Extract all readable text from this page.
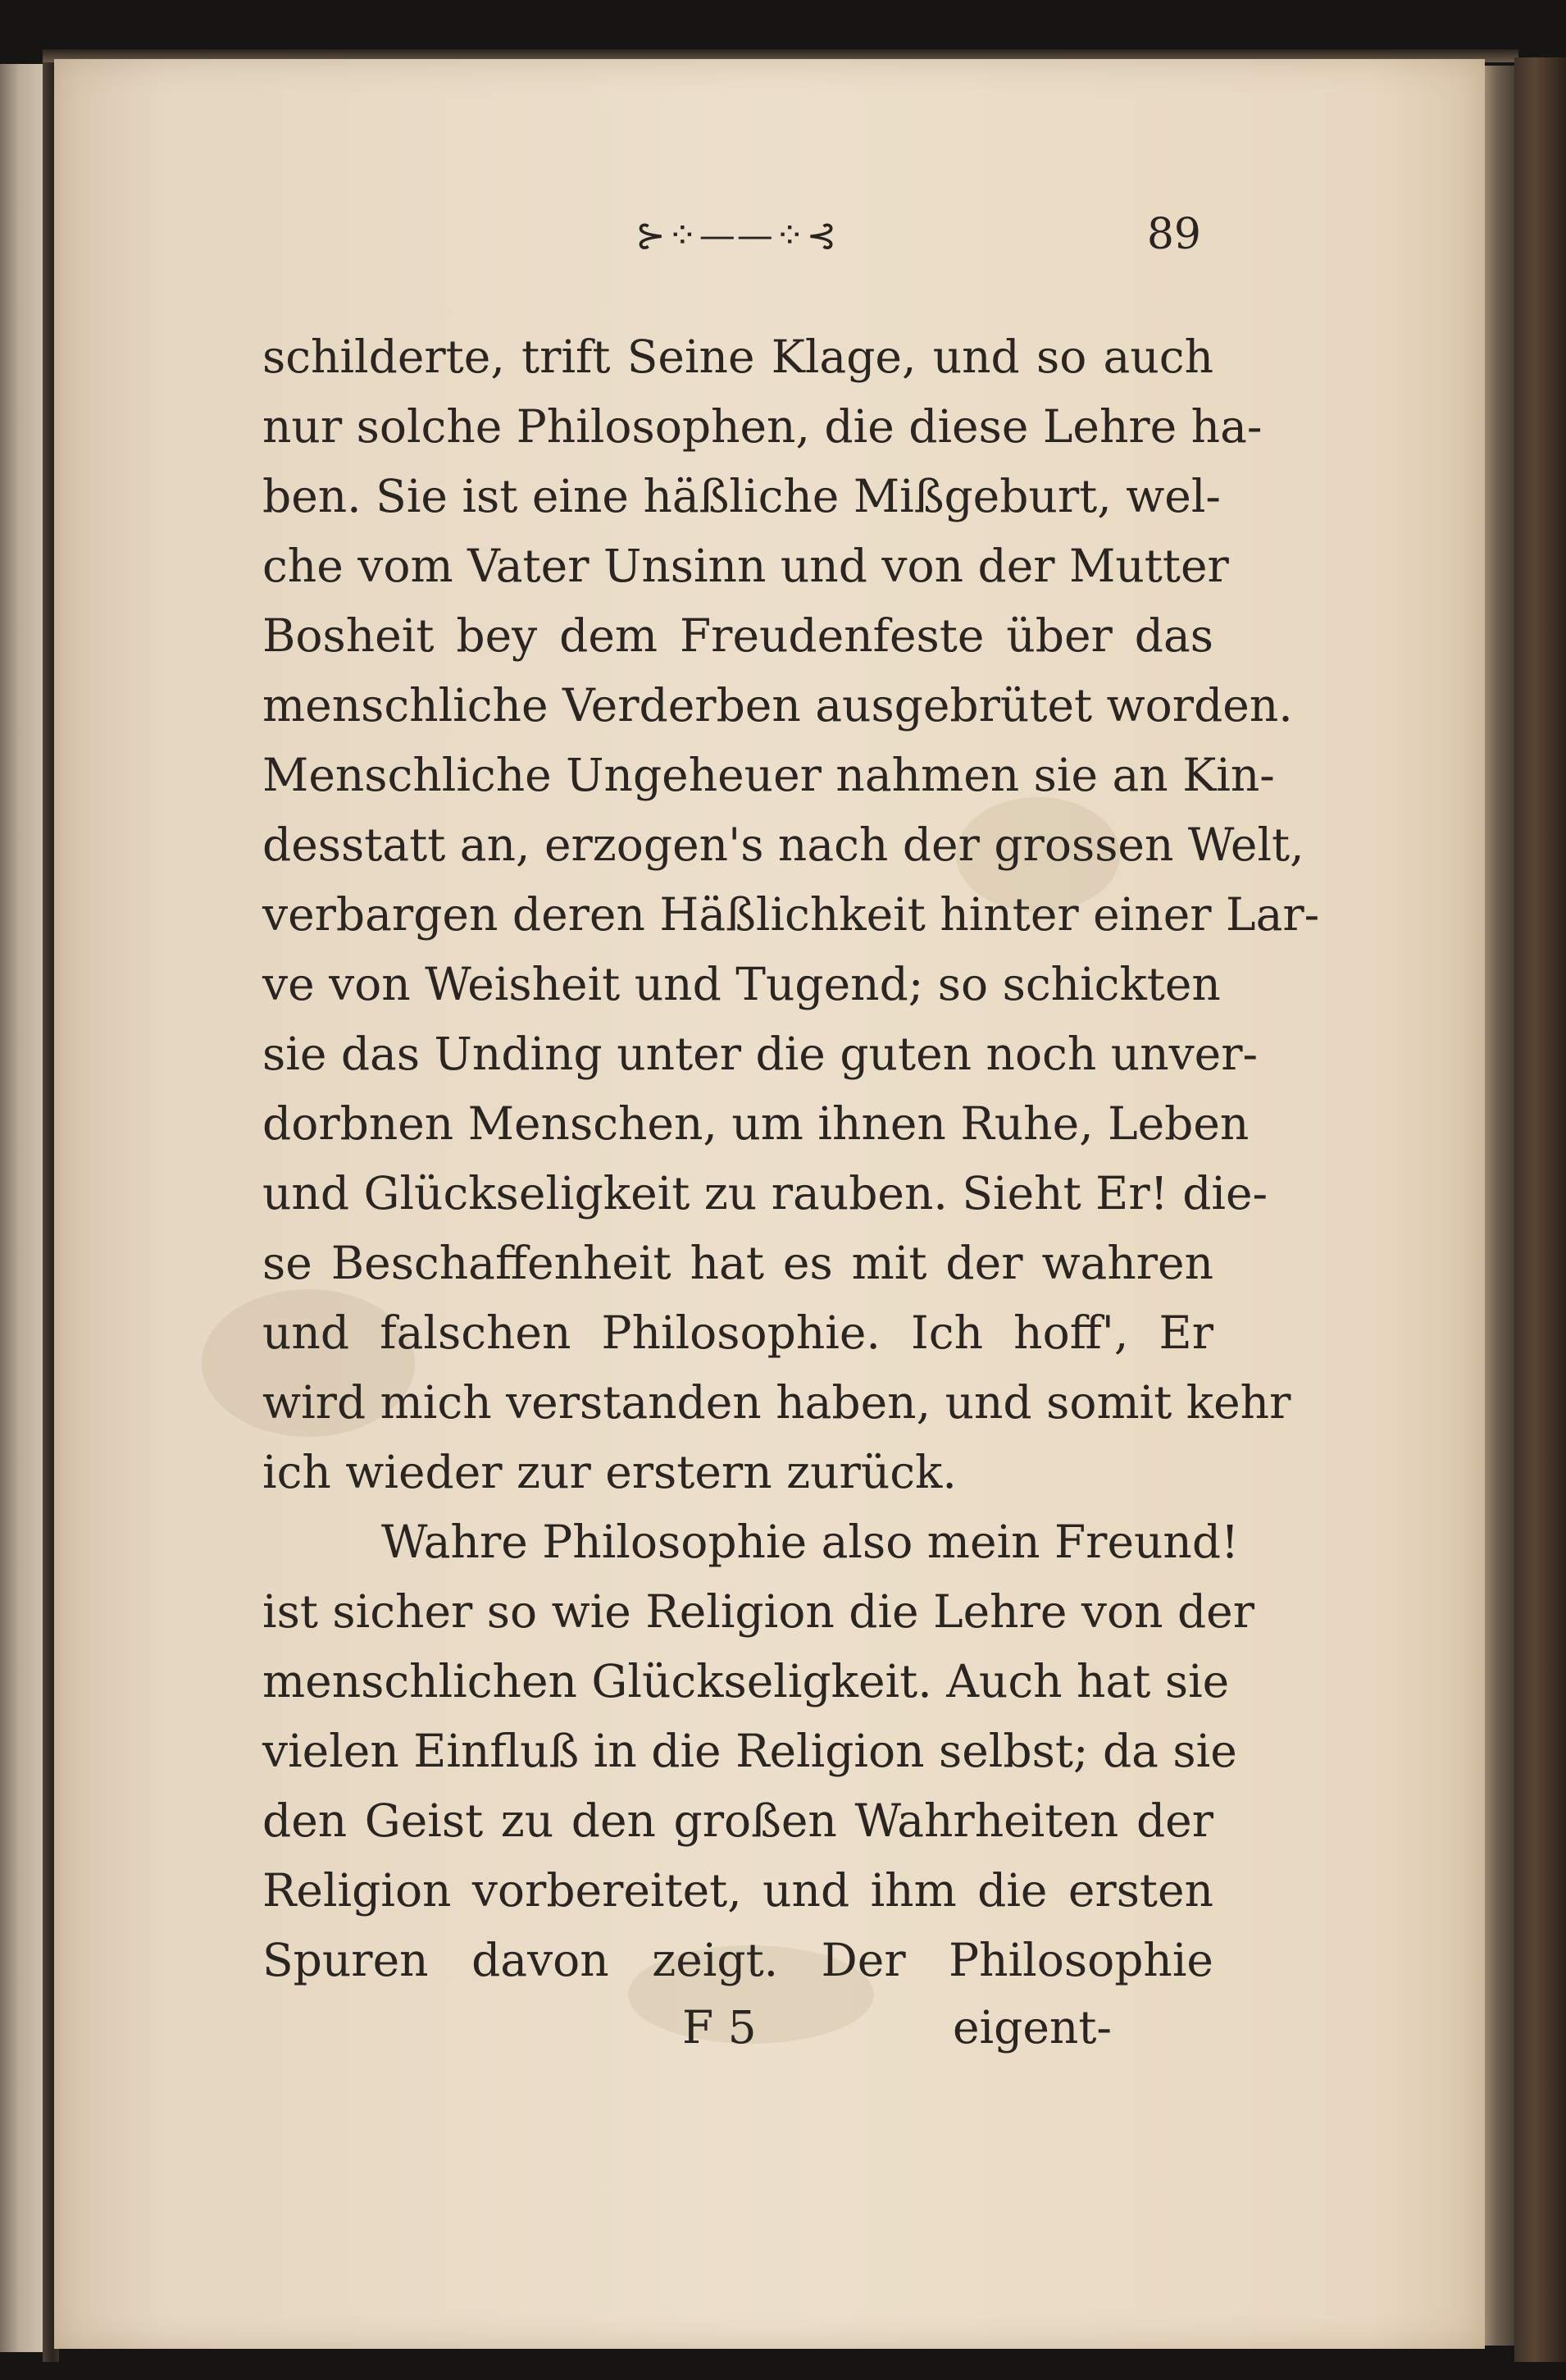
⊱⁘——⁘⊰	89
schilderte, trift Seine Klage, und so auch
nur solche Philosophen, die diese Lehre ha-
ben. Sie ist eine häßliche Mißgeburt, wel-
che vom Vater Unsinn und von der Mutter
Bosheit bey dem Freudenfeste über das
menschliche Verderben ausgebrütet worden.
Menschliche Ungeheuer nahmen sie an Kin-
desstatt an, erzogen's nach der grossen Welt,
verbargen deren Häßlichkeit hinter einer Lar-
ve von Weisheit und Tugend; so schickten
sie das Unding unter die guten noch unver-
dorbnen Menschen, um ihnen Ruhe, Leben
und Glückseligkeit zu rauben. Sieht Er! die-
se Beschaffenheit hat es mit der wahren
und falschen Philosophie. Ich hoff', Er
wird mich verstanden haben, und somit kehr
ich wieder zur erstern zurück.
Wahre Philosophie also mein Freund!
ist sicher so wie Religion die Lehre von der
menschlichen Glückseligkeit. Auch hat sie
vielen Einfluß in die Religion selbst; da sie
den Geist zu den großen Wahrheiten der
Religion vorbereitet, und ihm die ersten
Spuren davon zeigt. Der Philosophie
F 5	eigent-
